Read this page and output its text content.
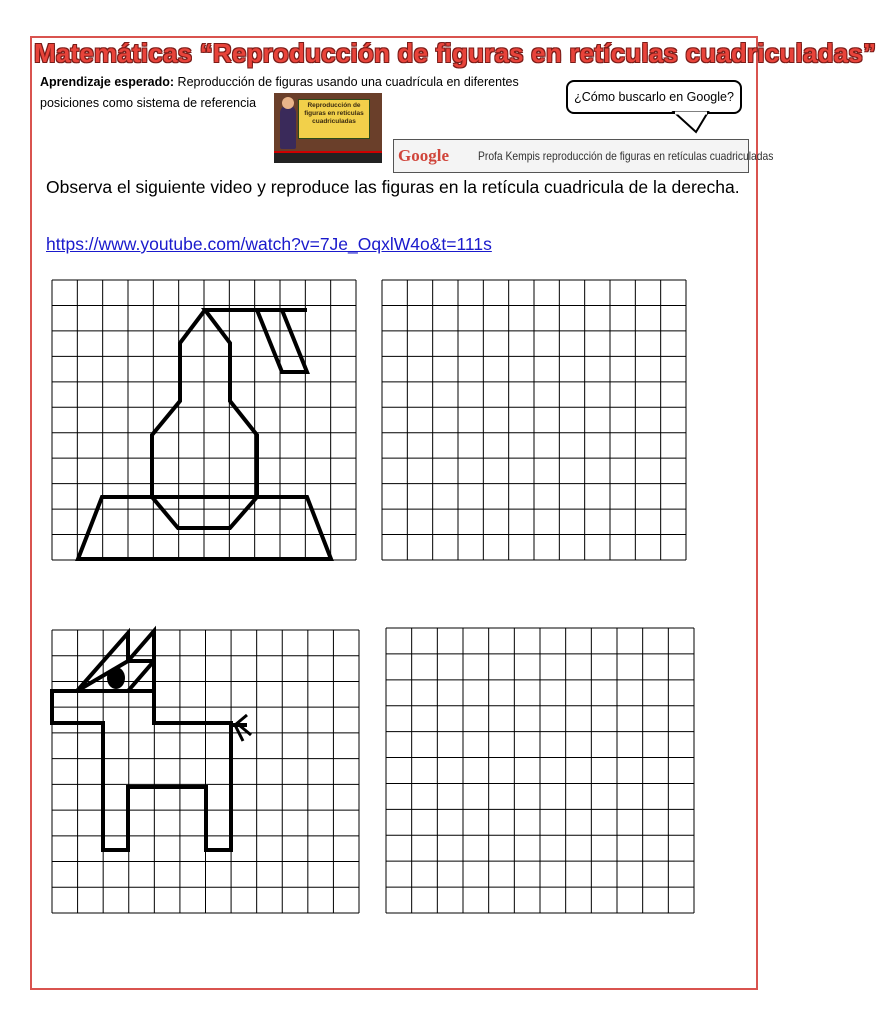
Matemáticas “Reproducción de figuras en retículas cuadriculadas”
Aprendizaje esperado: Reproducción de figuras usando una cuadrícula en diferentes
posiciones como sistema de referencia	Reproducción de figuras en retículas cuadriculadas
¿Cómo buscarlo en Google?
Google Profa Kempis reproducción de figuras en retículas cuadriculadas
Observa el siguiente video y reproduce las figuras en la retícula cuadricula de la derecha.
https://www.youtube.com/watch?v=7Je_OqxlW4o&t=111s
